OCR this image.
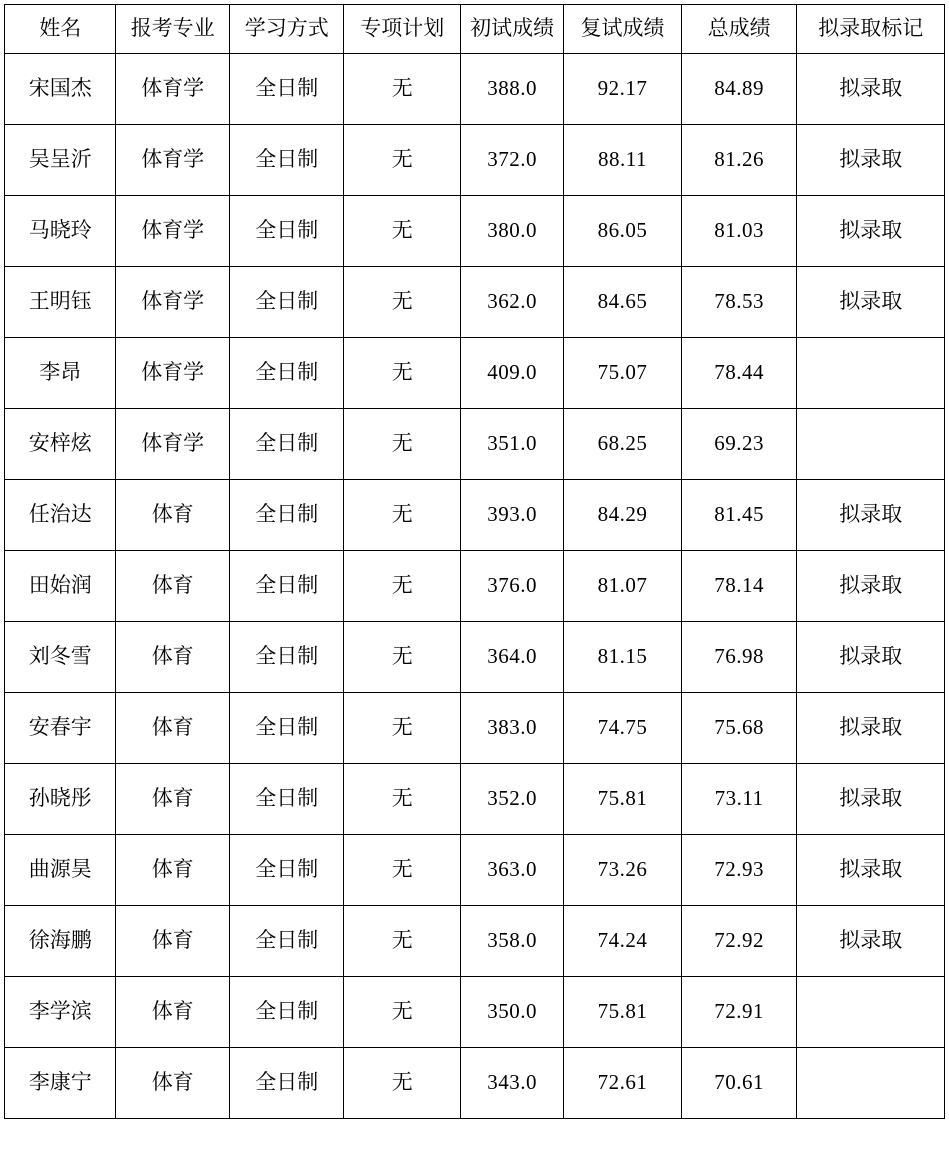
姓名	报考专业	学习方式	专项计划	初试成绩	复试成绩	总成绩	拟录取标记
宋国杰	体育学	全日制	无	388.0	92.17	84.89	拟录取
吴呈沂	体育学	全日制	无	372.0	88.11	81.26	拟录取
马晓玲	体育学	全日制	无	380.0	86.05	81.03	拟录取
王明钰	体育学	全日制	无	362.0	84.65	78.53	拟录取
李昂	体育学	全日制	无	409.0	75.07	78.44	
安梓炫	体育学	全日制	无	351.0	68.25	69.23	
任治达	体育	全日制	无	393.0	84.29	81.45	拟录取
田始润	体育	全日制	无	376.0	81.07	78.14	拟录取
刘冬雪	体育	全日制	无	364.0	81.15	76.98	拟录取
安春宇	体育	全日制	无	383.0	74.75	75.68	拟录取
孙晓彤	体育	全日制	无	352.0	75.81	73.11	拟录取
曲源昊	体育	全日制	无	363.0	73.26	72.93	拟录取
徐海鹏	体育	全日制	无	358.0	74.24	72.92	拟录取
李学滨	体育	全日制	无	350.0	75.81	72.91	
李康宁	体育	全日制	无	343.0	72.61	70.61	
